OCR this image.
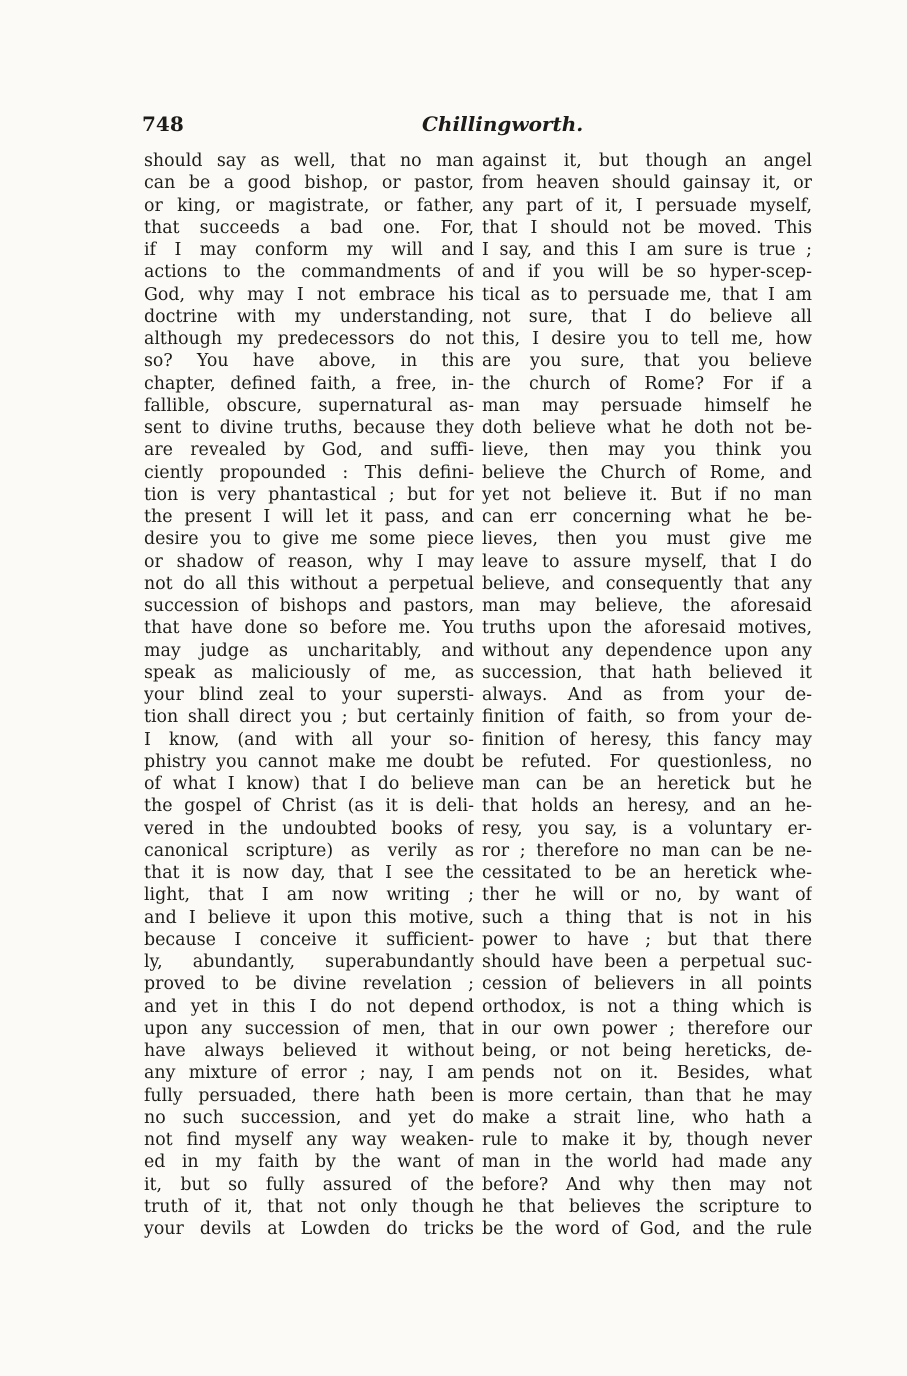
748	Chillingworth.
should say as well, that no man
can be a good bishop, or pastor,
or king, or magistrate, or father,
that succeeds a bad one. For,
if I may conform my will and
actions to the commandments of
God, why may I not embrace his
doctrine with my understanding,
although my predecessors do not
so? You have above, in this
chapter, defined faith, a free, in-
fallible, obscure, supernatural as-
sent to divine truths, because they
are revealed by God, and suffi-
ciently propounded : This defini-
tion is very phantastical ; but for
the present I will let it pass, and
desire you to give me some piece
or shadow of reason, why I may
not do all this without a perpetual
succession of bishops and pastors,
that have done so before me. You
may judge as uncharitably, and
speak as maliciously of me, as
your blind zeal to your supersti-
tion shall direct you ; but certainly
I know, (and with all your so-
phistry you cannot make me doubt
of what I know) that I do believe
the gospel of Christ (as it is deli-
vered in the undoubted books of
canonical scripture) as verily as
that it is now day, that I see the
light, that I am now writing ;
and I believe it upon this motive,
because I conceive it sufficient-
ly, abundantly, superabundantly
proved to be divine revelation ;
and yet in this I do not depend
upon any succession of men, that
have always believed it without
any mixture of error ; nay, I am
fully persuaded, there hath been
no such succession, and yet do
not find myself any way weaken-
ed in my faith by the want of
it, but so fully assured of the
truth of it, that not only though
your devils at Lowden do tricks
against it, but though an angel
from heaven should gainsay it, or
any part of it, I persuade myself,
that I should not be moved. This
I say, and this I am sure is true ;
and if you will be so hyper-scep-
tical as to persuade me, that I am
not sure, that I do believe all
this, I desire you to tell me, how
are you sure, that you believe
the church of Rome? For if a
man may persuade himself he
doth believe what he doth not be-
lieve, then may you think you
believe the Church of Rome, and
yet not believe it. But if no man
can err concerning what he be-
lieves, then you must give me
leave to assure myself, that I do
believe, and consequently that any
man may believe, the aforesaid
truths upon the aforesaid motives,
without any dependence upon any
succession, that hath believed it
always. And as from your de-
finition of faith, so from your de-
finition of heresy, this fancy may
be refuted. For questionless, no
man can be an heretick but he
that holds an heresy, and an he-
resy, you say, is a voluntary er-
ror ; therefore no man can be ne-
cessitated to be an heretick whe-
ther he will or no, by want of
such a thing that is not in his
power to have ; but that there
should have been a perpetual suc-
cession of believers in all points
orthodox, is not a thing which is
in our own power ; therefore our
being, or not being hereticks, de-
pends not on it. Besides, what
is more certain, than that he may
make a strait line, who hath a
rule to make it by, though never
man in the world had made any
before? And why then may not
he that believes the scripture to
be the word of God, and the rule
